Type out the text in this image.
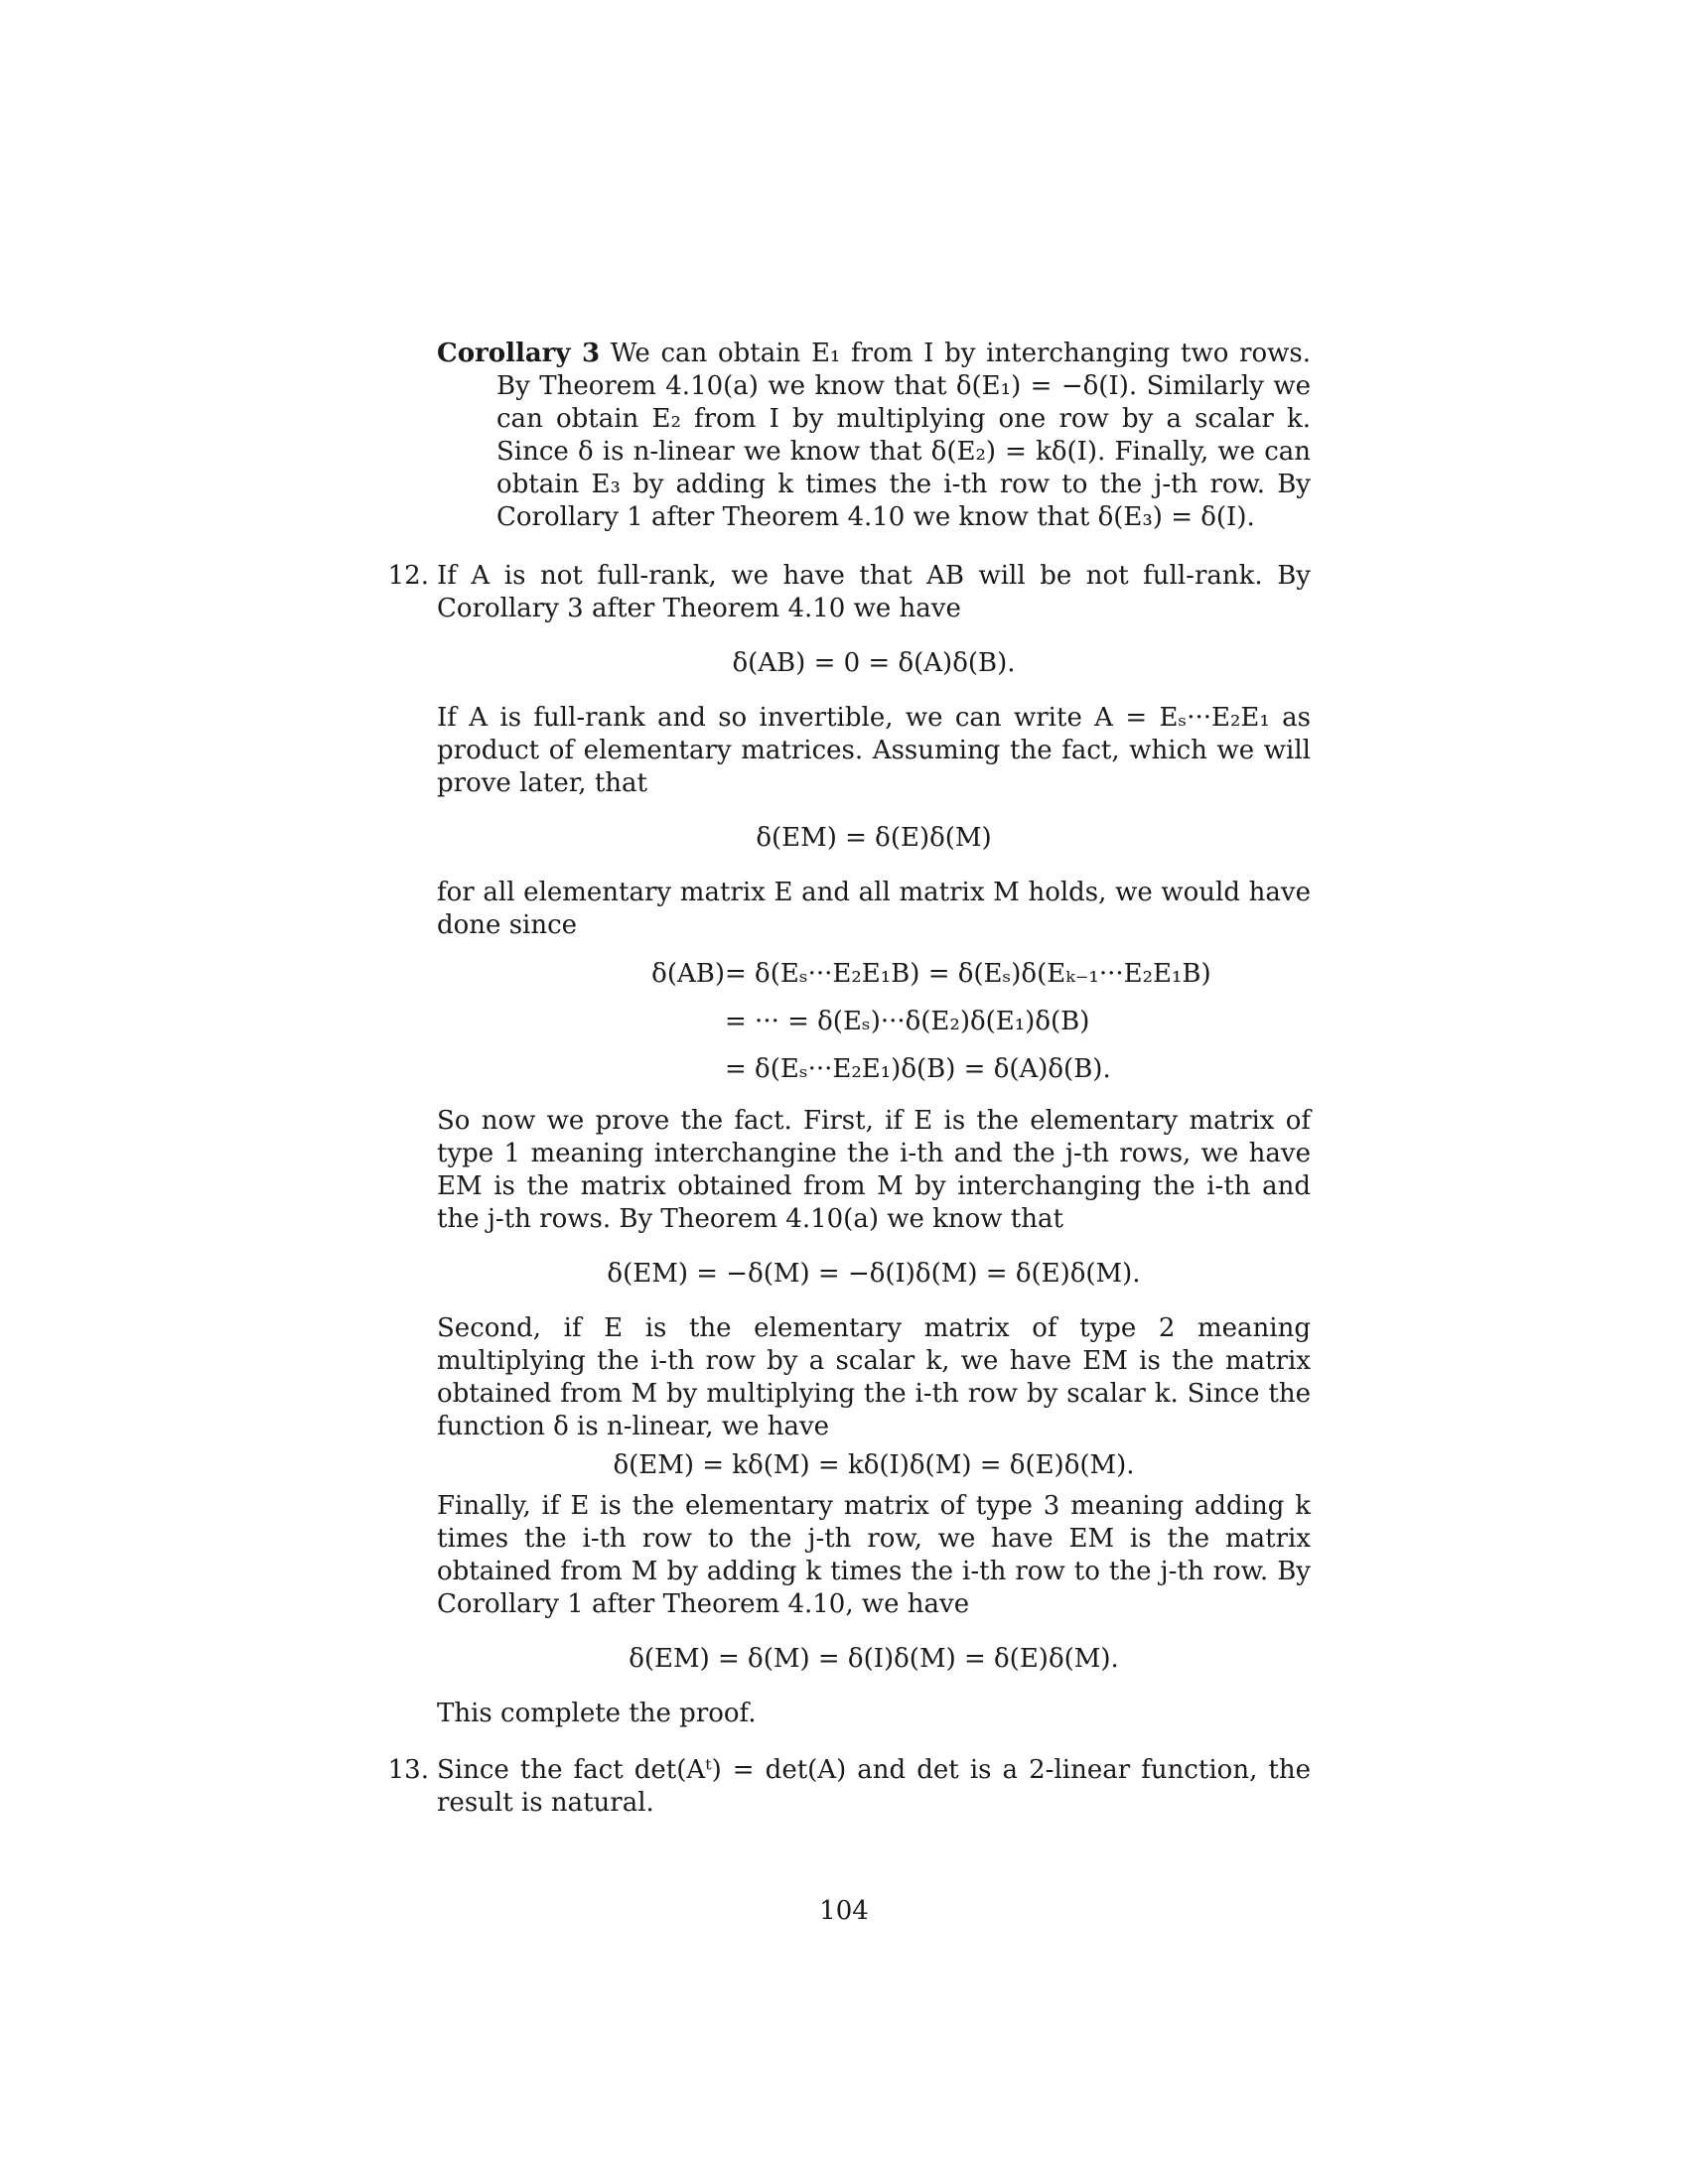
Corollary 3 We can obtain E₁ from I by interchanging two rows. By Theorem 4.10(a) we know that δ(E₁) = −δ(I). Similarly we can obtain E₂ from I by multiplying one row by a scalar k. Since δ is n-linear we know that δ(E₂) = kδ(I). Finally, we can obtain E₃ by adding k times the i-th row to the j-th row. By Corollary 1 after Theorem 4.10 we know that δ(E₃) = δ(I).

12. If A is not full-rank, we have that AB will be not full-rank. By Corollary 3 after Theorem 4.10 we have

δ(AB) = 0 = δ(A)δ(B).

If A is full-rank and so invertible, we can write A = Eₛ···E₂E₁ as product of elementary matrices. Assuming the fact, which we will prove later, that

δ(EM) = δ(E)δ(M)

for all elementary matrix E and all matrix M holds, we would have done since

δ(AB) = δ(Eₛ···E₂E₁B) = δ(Eₛ)δ(Eₖ₋₁···E₂E₁B)
= ··· = δ(Eₛ)···δ(E₂)δ(E₁)δ(B)
= δ(Eₛ···E₂E₁)δ(B) = δ(A)δ(B).

So now we prove the fact. First, if E is the elementary matrix of type 1 meaning interchangine the i-th and the j-th rows, we have EM is the matrix obtained from M by interchanging the i-th and the j-th rows. By Theorem 4.10(a) we know that

δ(EM) = −δ(M) = −δ(I)δ(M) = δ(E)δ(M).

Second, if E is the elementary matrix of type 2 meaning multiplying the i-th row by a scalar k, we have EM is the matrix obtained from M by multiplying the i-th row by scalar k. Since the function δ is n-linear, we have

δ(EM) = kδ(M) = kδ(I)δ(M) = δ(E)δ(M).

Finally, if E is the elementary matrix of type 3 meaning adding k times the i-th row to the j-th row, we have EM is the matrix obtained from M by adding k times the i-th row to the j-th row. By Corollary 1 after Theorem 4.10, we have

δ(EM) = δ(M) = δ(I)δ(M) = δ(E)δ(M).

This complete the proof.

13. Since the fact det(Aᵗ) = det(A) and det is a 2-linear function, the result is natural.

104
